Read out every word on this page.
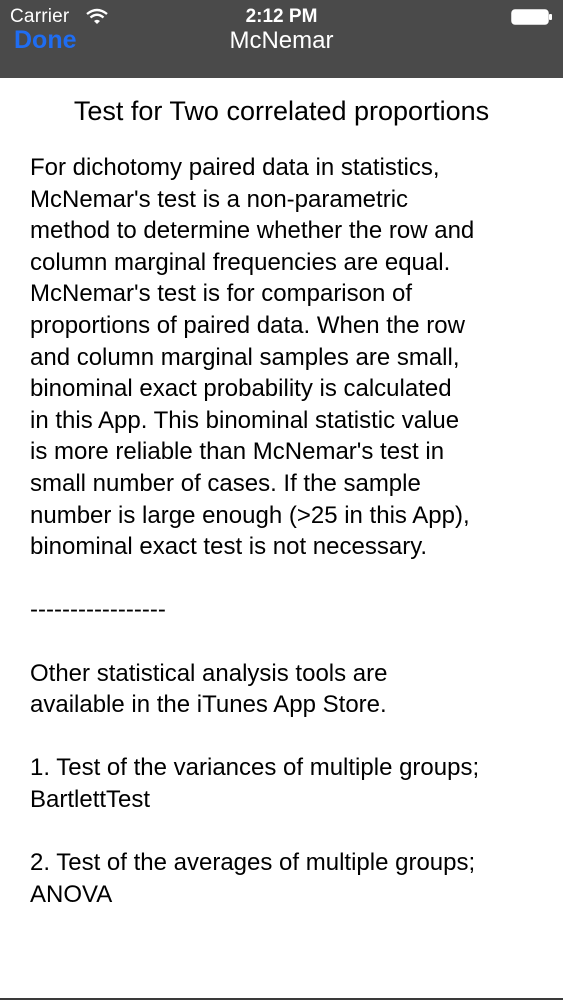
Carrier	2:12 PM
Done	McNemar
Test for Two correlated proportions
For dichotomy paired data in statistics,
McNemar's test is a non-parametric
method to determine whether the row and
column marginal frequencies are equal.
McNemar's test is for comparison of
proportions of paired data. When the row
and column marginal samples are small,
binominal exact probability is calculated
in this App. This binominal statistic value
is more reliable than McNemar's test in
small number of cases. If the sample
number is large enough (>25 in this App),
binominal exact test is not necessary.

-----------------

Other statistical analysis tools are
available in the iTunes App Store.

1. Test of the variances of multiple groups;
BartlettTest

2. Test of the averages of multiple groups;
ANOVA
